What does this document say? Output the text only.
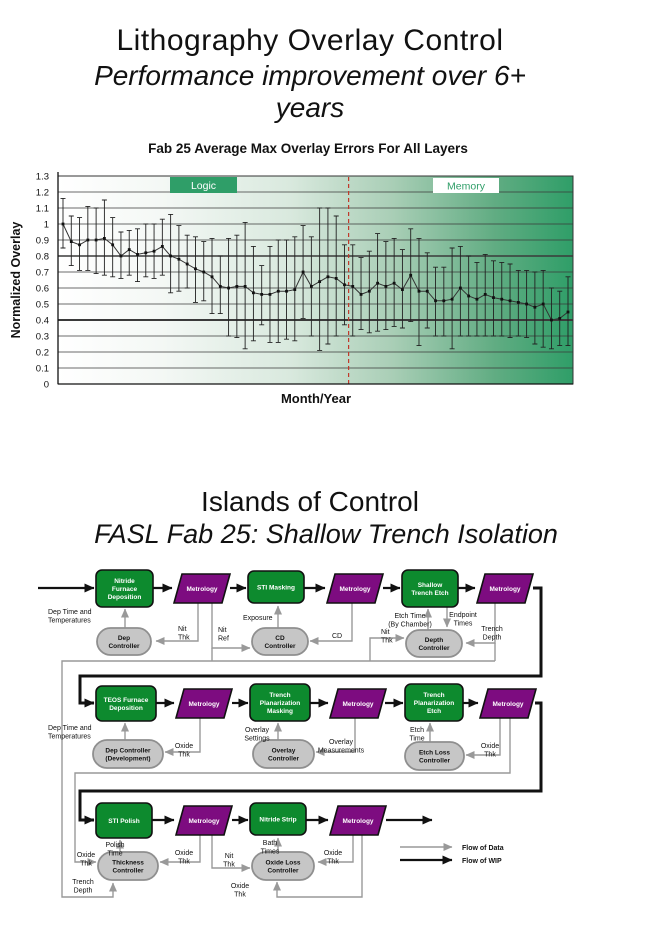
Lithography Overlay Control
Performance improvement over 6+
years
Fab 25 Average Max Overlay Errors For All Layers
Normalized Overlay
Month/Year
0
0.1
0.2
0.3
0.4
0.5
0.6
0.7
0.8
0.9
1
1.1
1.2
1.3
Logic	Memory
Islands of Control
FASL Fab 25: Shallow Trench Isolation
Nitride
Furnace
Deposition
Metrology	STI Masking	Metrology
Shallow
Trench Etch
Metrology
Dep
Controller
CD
Controller
Depth
Controller
TEOS Furnace
Deposition
Metrology
Trench
Planarization
Masking
Metrology
Trench
Planarization
Etch
Metrology
Dep Controller
(Development)
Overlay
Controller
Etch Loss
Controller
STI Polish	Metrology	Nitride Strip	Metrology
Thickness
Controller
Oxide Loss
Controller
Dep Time and
Temperatures
Nit
Thk
Nit
Ref
Exposure
CD
Etch Time
(By Chamber)
Endpoint
Times
Nit
Thk
Trench
Depth
Dep Time and
Temperatures
Oxide
Thk
Overlay
Settings	Overlay
Measurements
Etch
Time
Oxide
Thk
Polish
Time
Oxide
Thk
Trench
Depth
Oxide
Thk
Nit
Thk
Bath
Times	Oxide
Thk
Oxide
Thk
Flow of Data
Flow of WIP
